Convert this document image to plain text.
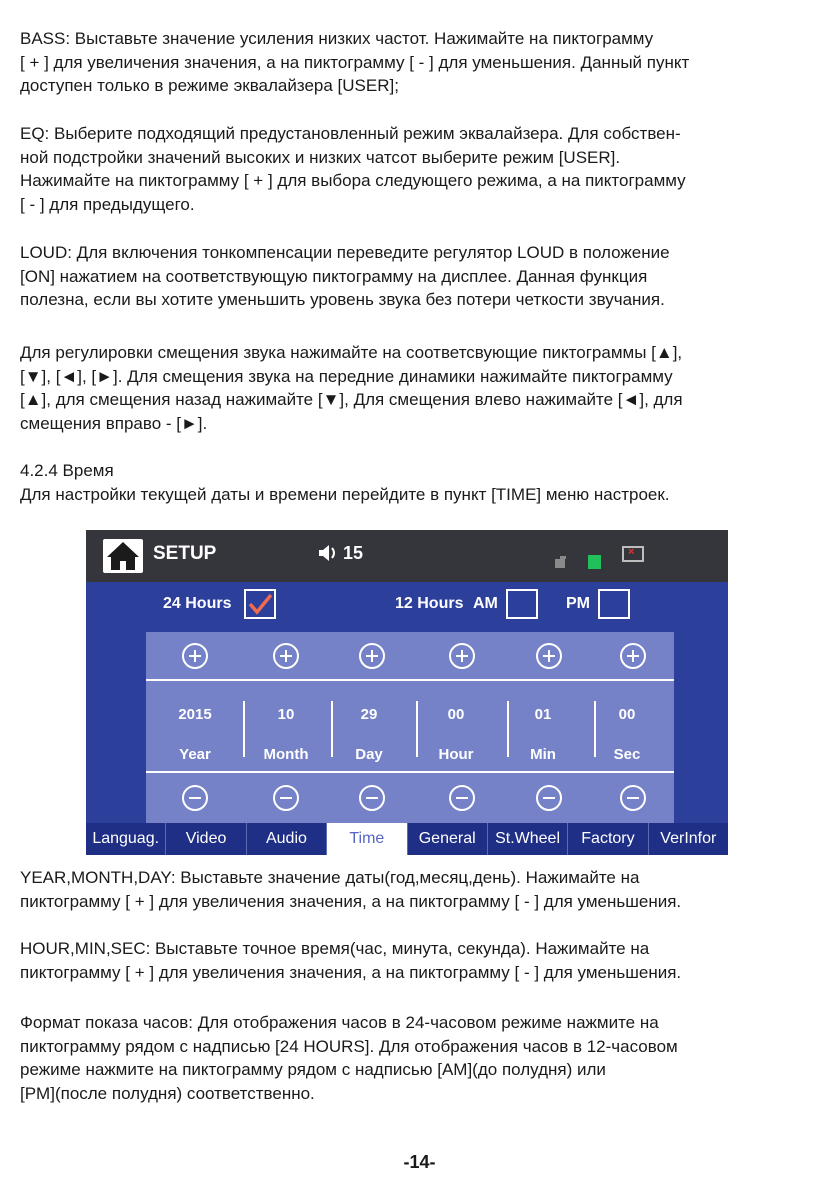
BASS: Выставьте значение усиления низких частот. Нажимайте на пиктограмму
[ + ] для увеличения значения, а на пиктограмму [ - ] для уменьшения. Данный пункт
доступен только в режиме эквалайзера [USER];

EQ: Выберите подходящий предустановленный режим эквалайзера. Для собствен-
ной подстройки значений высоких и низких чатсот выберите режим [USER].
Нажимайте на пиктограмму [ + ] для выбора следующего режима, а на пиктограмму
[ - ] для предыдущего.

LOUD: Для включения тонкомпенсации переведите регулятор LOUD в положение
[ON] нажатием на соответствующую пиктограмму на дисплее. Данная функция
полезна, если вы хотите уменьшить уровень звука без потери четкости звучания.

Для регулировки смещения звука нажимайте на соответсвующие пиктограммы [▲],
[▼], [◄], [►]. Для смещения звука на передние динамики нажимайте пиктограмму
[▲], для смещения назад нажимайте [▼], Для смещения влево нажимайте [◄], для
смещения вправо - [►].

4.2.4 Время
Для настройки текущей даты и времени перейдите в пункт [TIME] меню настроек.

SETUP	15	×
24 Hours	12 Hours AM	PM
2015	10	29	00	01	00
Year	Month	Day	Hour	Min	Sec
Languag.	Video	Audio	Time	General	St.Wheel	Factory	VerInfor

YEAR,MONTH,DAY: Выставьте значение даты(год,месяц,день). Нажимайте на
пиктограмму [ + ] для увеличения значения, а на пиктограмму [ - ] для уменьшения.

HOUR,MIN,SEC: Выставьте точное время(час, минута, секунда). Нажимайте на
пиктограмму [ + ] для увеличения значения, а на пиктограмму [ - ] для уменьшения.

Формат показа часов: Для отображения часов в 24-часовом режиме нажмите на
пиктограмму рядом с надписью [24 HOURS]. Для отображения часов в 12-часовом
режиме нажмите на пиктограмму рядом с надписью [AM](до полудня) или
[PM](после полудня) соответственно.

-14-
